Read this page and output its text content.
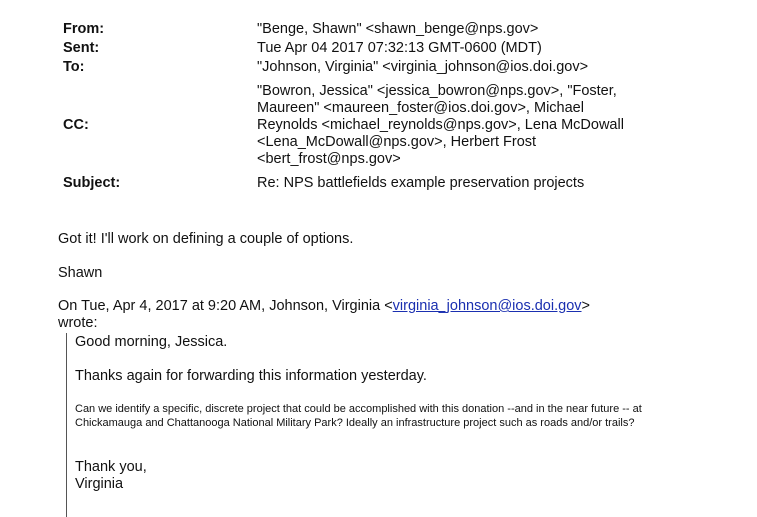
From:	"Benge, Shawn" <shawn_benge@nps.gov>
Sent:	Tue Apr 04 2017 07:32:13 GMT-0600 (MDT)
To:	"Johnson, Virginia" <virginia_johnson@ios.doi.gov>
CC:
"Bowron, Jessica" <jessica_bowron@nps.gov>, "Foster,
Maureen" <maureen_foster@ios.doi.gov>, Michael
Reynolds <michael_reynolds@nps.gov>, Lena McDowall
<Lena_McDowall@nps.gov>, Herbert Frost
<bert_frost@nps.gov>
Subject:	Re: NPS battlefields example preservation projects
Got it! I'll work on defining a couple of options.
Shawn
On Tue, Apr 4, 2017 at 9:20 AM, Johnson, Virginia <virginia_johnson@ios.doi.gov>
wrote:

Good morning, Jessica.

Thanks again for forwarding this information yesterday.

Can we identify a specific, discrete project that could be accomplished with this donation --and in the near future -- at Chickamauga and Chattanooga National Military Park? Ideally an infrastructure project such as roads and/or trails?

Thank you,
Virginia
